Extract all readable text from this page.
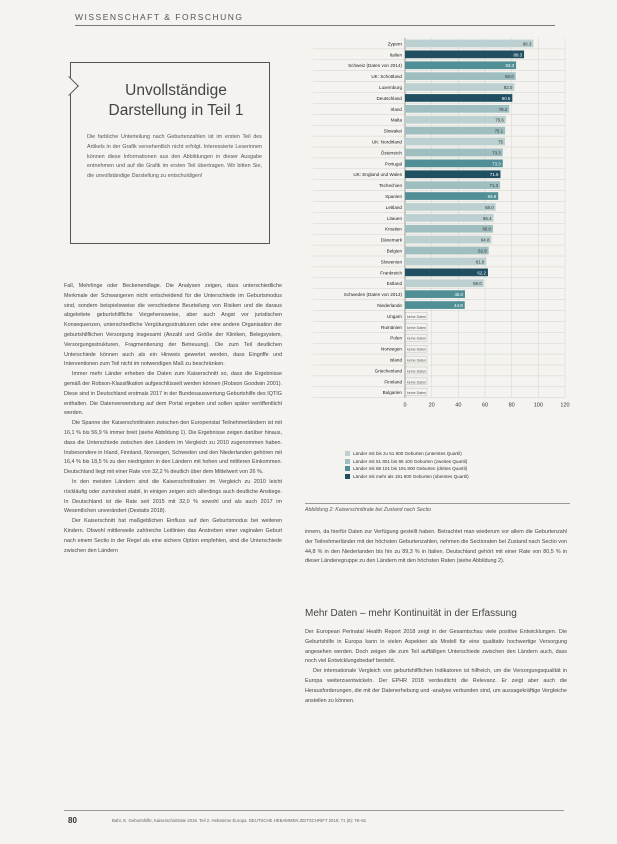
WISSENSCHAFT & FORSCHUNG
Unvollständige Darstellung in Teil 1
Die farbliche Unterteilung nach Geburtenzahlen ist im ersten Teil des Artikels in der Grafik versehentlich nicht erfolgt. Interessierte Leserinnen können diese Informationen aus den Abbildungen in dieser Ausgabe entnehmen und auf die Grafik im ersten Teil übertragen. Wir bitten Sie, die unvollständige Darstellung zu entschuldigen!

Fall, Mehrlinge oder Beckenendlage. Die Analysen zeigen, dass unterschiedliche Merkmale der Schwangeren nicht entscheidend für die Unterschiede im Geburtsmodus sind, sondern beispielsweise die verschiedene Beurteilung von Risiken und die daraus abgeleitete geburtshilfliche Vorgehensweise, aber auch Angst vor juristischen Konsequenzen, unterschiedliche Vergütungsstrukturen oder eine andere Organisation der geburtshilflichen Versorgung insgesamt (Anzahl und Größe der Kliniken, Belegsystem, Versorgungsstrukturen, Fragmentierung der Betreuung). Die zum Teil deutlichen Unterschiede können auch als ein Hinweis gewertet werden, dass Eingriffe und Interventionen zum Teil nicht im notwendigen Maß zu beschränken.

Immer mehr Länder erheben die Daten zum Kaiserschnitt so, dass die Ergebnisse gemäß der Robson-Klassifikation aufgeschlüsselt werden können (Robson Goodwin 2001). Diese sind in Deutschland erstmals 2017 in der Bundesauswertung Geburtshilfe des IQTIG enthalten. Die Datenverwendung auf dem Portal ergeben und sollen später veröffentlicht werden.

Die Spanne der Kaiserschnittraten zwischen den Europeristat Teilnehmerländern ist mit 16,1 % bis 56,9 % immer breit (siehe Abbildung 1). Die Ergebnisse zeigen darüber hinaus, dass die Unterschiede zwischen den Ländern im Vergleich zu 2010 zugenommen haben. Insbesondere in Irland, Finnland, Norwegen, Schweden und den Niederlanden gehören mit 16,4 % bis 18,5 % zu den niedrigsten in den Ländern mit hohen und mittleren Einkommen. Deutschland liegt mit einer Rate von 32,2 % deutlich über dem Mittelwert von 26 %.

In den meisten Ländern sind die Kaiserschnittraten im Vergleich zu 2010 leicht rückläufig oder zumindest stabil, in einigen zeigen sich allerdings auch deutliche Anstiege. In Deutschland ist die Rate seit 2015 mit 32,0 % sowohl und als auch 2017 im Wesentlichen unverändert (Destatis 2018).

Der Kaiserschnitt hat maßgeblichen Einfluss auf den Geburtsmodus bei weiteren Kindern. Obwohl mittlerweile zahlreiche Leitlinien das Anstreben einer vaginalen Geburt nach einem Sectio in der Regel als eine sichere Option empfehlen, sind die Unterschiede zwischen den Ländern

0	20	40	60	80	100	120
Zypern	96.3
Italien	89.3
Schweiz (Daten von 2014)	83.3
UK: Schottland	83.0
Luxemburg	82.0
Deutschland	80.5
Irland	78.2
Malta	75.6
Slowakei	75.1
UK: Nordirland	75
Österreich	73.3
Portugal	73.3
UK: England und Wales	71.6
Tschechien	71.3
Spanien	69.9
Lettland	68.0
Litauen	66.4
Kroatien	66.0
Dänemark	64.8
Belgien	62.8
Slowenien	61.0
Frankreich	62.2
Estland	59.0
Schweden (Daten von 2013)	45.0
Niederlande	44.8
Ungarn keine Daten
Rumänien keine Daten
Polen keine Daten
Norwegen keine Daten
Island keine Daten
Griechenland keine Daten
Finnland keine Daten
Bulgarien keine Daten
Länder mit bis zu 51 800 Geburten (unterstes Quartil)
Länder mit 51 801 bis 88 100 Geburten (zweites Quartil)
Länder mit 88 101 bis 191 800 Geburten (drittes Quartil)
Länder mit mehr als 191 800 Geburten (oberstes Quartil)
Abbildung 2: Kaiserschnittrate bei Zustand nach Sectio

innern, da hierfür Daten zur Verfügung gestellt haben. Betrachtet man wiederum vor allem die Geburtenzahl der Teilnehmerländer mit der höchsten Geburtenzahlen, nehmen die Sectioraten bei Zustand nach Sectio von 44,8 % in den Niederlanden bis hin zu 89,3 % in Italien. Deutschland gehört mit einer Rate von 80,5 % in dieser Länderegruppe zu den Ländern mit den höchsten Raten (siehe Abbildung 2).

Mehr Daten – mehr Kontinuität in der Erfassung

Der European Perinatal Health Report 2018 zeigt in der Gesamtschau viele positive Entwicklungen. Die Geburtshilfe in Europa kann in vielen Aspekten als Modell für eine qualitativ hochwertige Versorgung angesehen werden. Doch zeigen die zum Teil auffälligen Unterschiede zwischen den Ländern auch, dass noch viel Entwicklungsbedarf besteht.

Der internationale Vergleich von geburtshilflichen Indikatoren ist hilfreich, um die Versorgungsqualität in Europa weiterzuentwickeln. Der EPHR 2018 verdeutlicht die Relevanz. Er zeigt aber auch die Herausforderungen, die mit der Datenerhebung und -analyse verbunden sind, um aussagekräftige Vergleiche anstellen zu können.

80	Bahr, E. Geburtshilfe, Kaiserschnittrate 2018. Teil 2. Hebamme Europa. DEUTSCHE HEBAMMEN ZEITSCHRIFT 2019; 71 (8): 78–81
